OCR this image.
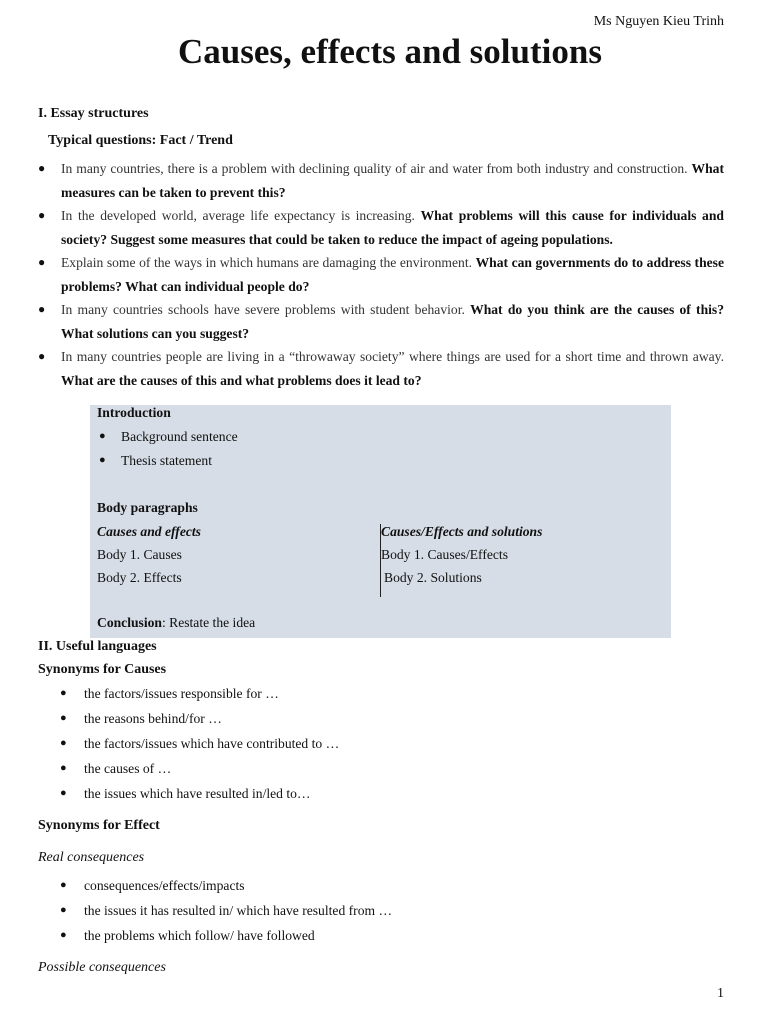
Ms Nguyen Kieu Trinh
Causes, effects and solutions
I. Essay structures
Typical questions: Fact / Trend
● In many countries, there is a problem with declining quality of air and water from both industry and construction. What measures can be taken to prevent this?
● In the developed world, average life expectancy is increasing. What problems will this cause for individuals and society? Suggest some measures that could be taken to reduce the impact of ageing populations.
● Explain some of the ways in which humans are damaging the environment. What can governments do to address these problems? What can individual people do?
● In many countries schools have severe problems with student behavior. What do you think are the causes of this? What solutions can you suggest?
● In many countries people are living in a “throwaway society” where things are used for a short time and thrown away. What are the causes of this and what problems does it lead to?
Introduction
● Background sentence
● Thesis statement
Body paragraphs
Causes and effects
Body 1. Causes
Body 2. Effects
Causes/Effects and solutions
Body 1. Causes/Effects
Body 2. Solutions
Conclusion: Restate the idea
II. Useful languages
Synonyms for Causes
● the factors/issues responsible for …
● the reasons behind/for …
● the factors/issues which have contributed to …
● the causes of …
● the issues which have resulted in/led to…
Synonyms for Effect
Real consequences
● consequences/effects/impacts
● the issues it has resulted in/ which have resulted from …
● the problems which follow/ have followed
Possible consequences
1
